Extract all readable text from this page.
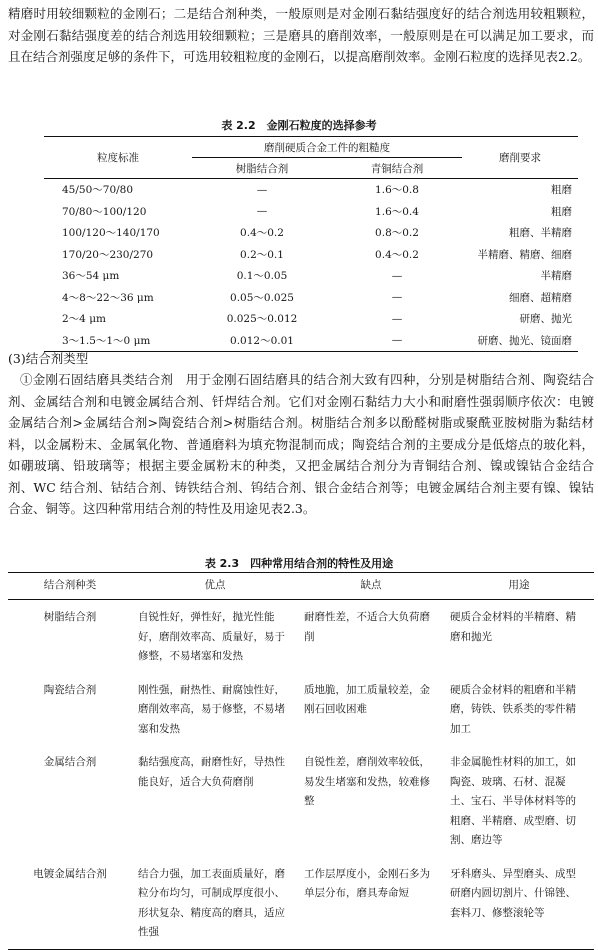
精磨时用较细颗粒的金刚石；二是结合剂种类，一般原则是对金刚石黏结强度好的结合剂选用较粗颗粒，对金刚石黏结强度差的结合剂选用较细颗粒；三是磨具的磨削效率，一般原则是在可以满足加工要求，而且在结合剂强度足够的条件下，可选用较粗粒度的金刚石，以提高磨削效率。金刚石粒度的选择见表2.2。

表 2.2　金刚石粒度的选择参考

粒度标准	磨削硬质合金工件的粗糙度		磨削要求
	树脂结合剂	青铜结合剂	
45/50～70/80	—	1.6～0.8	粗磨
70/80～100/120	—	1.6～0.4	粗磨
100/120～140/170	0.4～0.2	0.8～0.2	粗磨、半精磨
170/20～230/270	0.2～0.1	0.4～0.2	半精磨、精磨、细磨
36～54 μm	0.1～0.05	—	半精磨
4～8～22～36 μm	0.05～0.025	—	细磨、超精磨
2～4 μm	0.025～0.012	—	研磨、抛光
3～1.5～1～0 μm	0.012～0.01	—	研磨、抛光、镜面磨

(3)结合剂类型

①金刚石固结磨具类结合剂　用于金刚石固结磨具的结合剂大致有四种，分别是树脂结合剂、陶瓷结合剂、金属结合剂和电镀金属结合剂、钎焊结合剂。它们对金刚石黏结力大小和耐磨性强弱顺序依次：电镀金属结合剂>金属结合剂>陶瓷结合剂>树脂结合剂。树脂结合剂多以酚醛树脂或聚酰亚胺树脂为黏结材料，以金属粉末、金属氧化物、普通磨料为填充物混制而成；陶瓷结合剂的主要成分是低熔点的玻化料，如硼玻璃、铅玻璃等；根据主要金属粉末的种类，又把金属结合剂分为青铜结合剂、镍或镍钴合金结合剂、WC 结合剂、钴结合剂、铸铁结合剂、钨结合剂、银合金结合剂等；电镀金属结合剂主要有镍、镍钴合金、铜等。这四种常用结合剂的特性及用途见表2.3。

表 2.3　四种常用结合剂的特性及用途

结合剂种类	优点	缺点	用途
树脂结合剂	自锐性好，弹性好，抛光性能好，磨削效率高、质量好，易于修整，不易堵塞和发热	耐磨性差，不适合大负荷磨削	硬质合金材料的半精磨、精磨和抛光
陶瓷结合剂	刚性强，耐热性、耐腐蚀性好，磨削效率高，易于修整，不易堵塞和发热	质地脆，加工质量较差，金刚石回收困难	硬质合金材料的粗磨和半精磨，铸铁、铁系类的零件精加工
金属结合剂	黏结强度高，耐磨性好，导热性能良好，适合大负荷磨削	自锐性差，磨削效率较低，易发生堵塞和发热，较难修整	非金属脆性材料的加工，如陶瓷、玻璃、石材、混凝土、宝石、半导体材料等的粗磨、半精磨、成型磨、切割、磨边等
电镀金属结合剂	结合力强，加工表面质量好，磨粒分布均匀，可制成厚度很小、形状复杂、精度高的磨具，适应性强	工作层厚度小，金刚石多为单层分布，磨具寿命短	牙科磨头、异型磨头、成型研磨内圆切割片、什锦锉、套料刀、修整滚轮等
